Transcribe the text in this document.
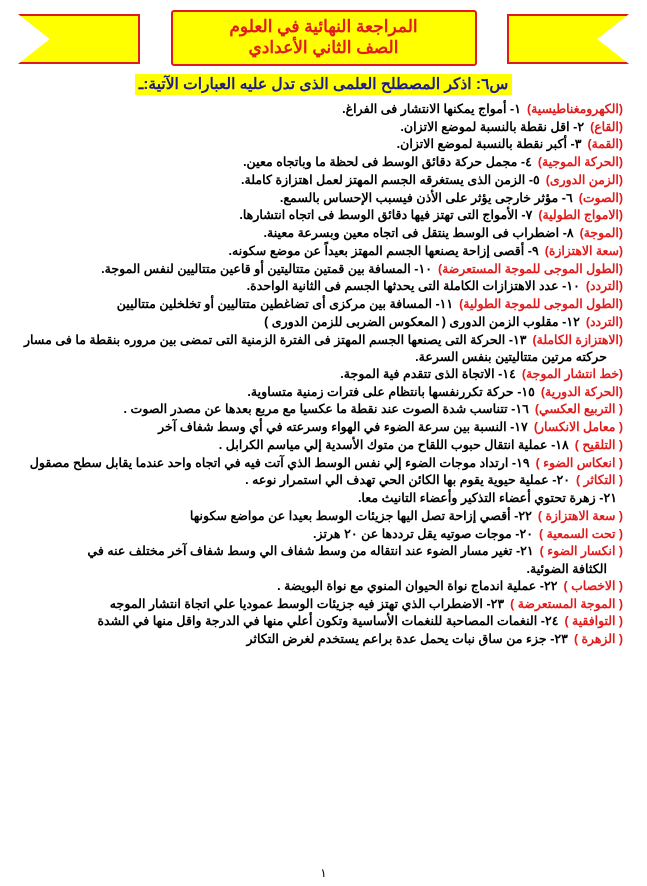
المراجعة النهائية في العلوم
الصف الثاني الأعدادي
س٦: اذكر المصطلح العلمى الذى تدل عليه العبارات الآتية:ـ
(الكهرومغناطيسية)
١- أمواج يمكنها الانتشار فى الفراغ.
(القاع)
٢- اقل نقطة بالنسبة لموضع الاتزان.
(القمة)
٣- أكبر نقطة بالنسبة لموضع الاتزان.
(الحركة الموجية)
٤- مجمل حركة دقائق الوسط فى لحظة ما وباتجاه معين.
(الزمن الدورى)
٥- الزمن الذى يستغرقه الجسم المهتز لعمل اهتزازة كاملة.
(الصوت)
٦- مؤثر خارجى يؤثر على الأذن فيسبب الإحساس بالسمع.
(الامواج الطولية)
٧- الأمواج التى تهتز فيها دقائق الوسط فى اتجاه انتشارها.
(الموجة)
٨- اضطراب فى الوسط ينتقل فى اتجاه معين وبسرعة معينة.
(سعة الاهتزازة)
٩- أقصى إزاحة يصنعها الجسم المهتز بعيداً عن موضع سكونه.
(الطول الموجى للموجة المستعرضة)
١٠- المسافة بين قمتين متتاليتين أو قاعين متتاليين لنفس الموجة.
(التردد)
١٠- عدد الاهتزازات الكاملة التى يحدثها الجسم فى الثانية الواحدة.
(الطول الموجى للموجة الطولية)
١١- المسافة بين مركزى أى تضاغطين متتاليين أو تخلخلين متتاليين
(التردد)
١٢- مقلوب الزمن الدورى ( المعكوس الضربى للزمن الدورى )
(الاهتزازة الكاملة)
١٣- الحركة التى يصنعها الجسم المهتز فى الفترة الزمنية التى تمضى بين مروره بنقطة ما فى مسار
حركته مرتين متتاليتين بنفس السرعة.
(خط انتشار الموجة)
١٤- الاتجاة الذى تتقدم فية الموجة.
(الحركة الدورية)
١٥- حركة تكررنفسها بانتظام على فترات زمنية متساوية.
( التربيع العكسي)
١٦- تتناسب شدة الصوت عند نقطة ما عكسيا مع مربع بعدها عن مصدر الصوت .
( معامل الانكسار)
١٧- النسبة بين سرعة الضوء في الهواء وسرعته في أي وسط شفاف آخر
( التلقيح )
١٨- عملية انتقال حبوب اللقاح من متوك الأسدية إلي مياسم الكرابل .
( انعكاس الضوء )
١٩- ارتداد موجات الضوء إلي نفس الوسط الذي آتت فيه في اتجاه واحد عندما يقابل سطح مصقول
( التكاثر )
٢٠- عملية حيوية يقوم بها الكائن الحي تهدف الي استمرار نوعه .
٢١- زهرة تحتوي أعضاء التذكير وأعضاء التانيث معا.
( سعة الاهتزازة )
٢٢- أقصي إزاحة تصل اليها جزيئات الوسط بعيدا عن مواضع سكونها
( تحت السمعية )
٢٠- موجات صوتيه يقل ترددها عن ٢٠ هرتز.
( انكسار الضوء )
٢١- تغير مسار الضوء عند انتقاله من وسط شفاف الي وسط شفاف آخر مختلف عنه في
الكثافة الضوئية.
( الاخصاب )
٢٢- عملية اندماج نواة الحيوان المنوي مع نواة البويضة .
( الموجة المستعرضة )
٢٣- الاضطراب الذي تهتز فيه جزيئات الوسط عموديا علي اتجاة انتشار الموجه
( التوافقية )
٢٤- النغمات المصاحبة للنغمات الأساسية وتكون أعلي منها في الدرجة واقل منها في الشدة
( الزهرة )
٢٣- جزء من ساق نبات يحمل عدة براعم يستخدم لغرض التكاثر
١
